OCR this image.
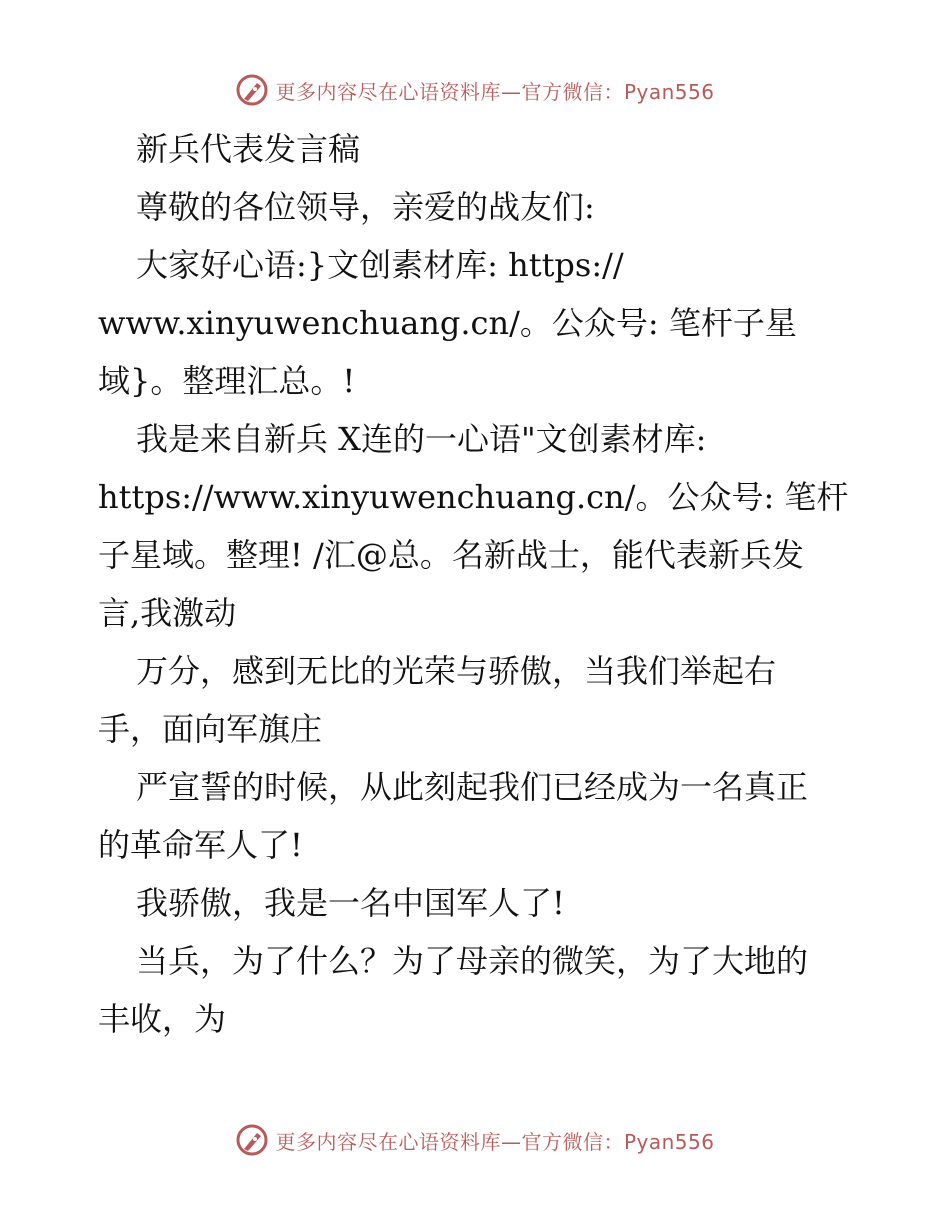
更多内容尽在心语资料库—官方微信：Pyan556
新兵代表发言稿
尊敬的各位领导，亲爱的战友们:
大家好心语:}文创素材库: https://
www.xinyuwenchuang.cn/。公众号: 笔杆子星
域}。整理汇总。!
我是来自新兵 X连的一心语"文创素材库:
https://www.xinyuwenchuang.cn/。公众号: 笔杆
子星域。整理! /汇@总。名新战士，能代表新兵发
言,我激动
万分，感到无比的光荣与骄傲，当我们举起右
手，面向军旗庄
严宣誓的时候，从此刻起我们已经成为一名真正
的革命军人了!
我骄傲，我是一名中国军人了!
当兵，为了什么？为了母亲的微笑，为了大地的
丰收，为
更多内容尽在心语资料库—官方微信：Pyan556
